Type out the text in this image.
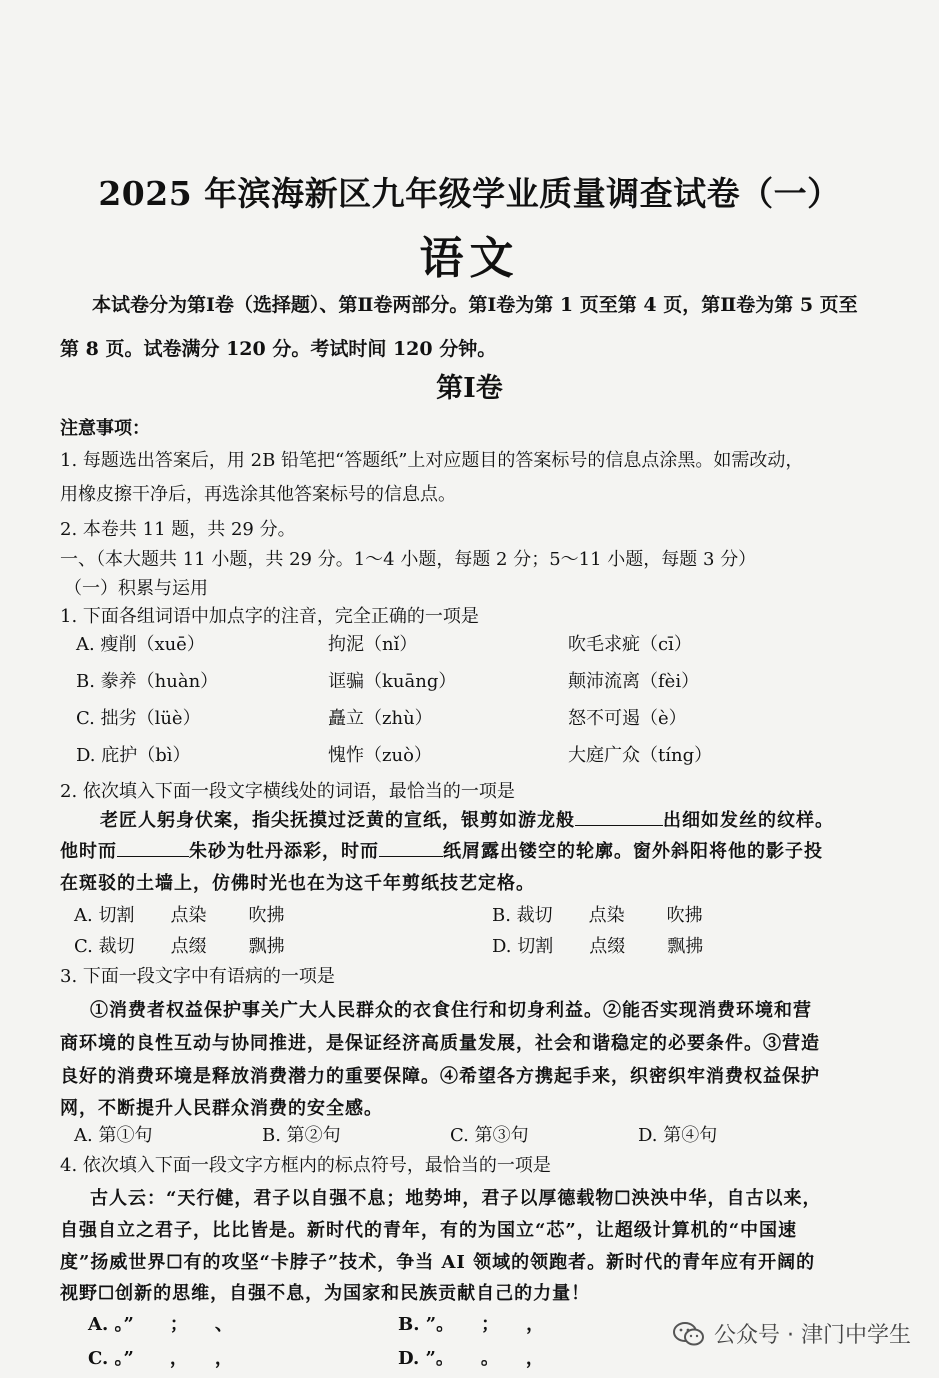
2025 年滨海新区九年级学业质量调查试卷（一）
语文
本试卷分为第Ⅰ卷（选择题）、第Ⅱ卷两部分。第Ⅰ卷为第 1 页至第 4 页，第Ⅱ卷为第 5 页至
第 8 页。试卷满分 120 分。考试时间 120 分钟。
第Ⅰ卷
注意事项：
1. 每题选出答案后，用 2B 铅笔把“答题纸”上对应题目的答案标号的信息点涂黑。如需改动，
用橡皮擦干净后，再选涂其他答案标号的信息点。
2. 本卷共 11 题，共 29 分。
一、（本大题共 11 小题，共 29 分。1～4 小题，每题 2 分；5～11 小题，每题 3 分）
（一）积累与运用
1. 下面各组词语中加点字的注音，完全正确的一项是
A. 瘦削（xuē）	拘泥（nǐ）	吹毛求疵（cī）
B. 豢养（huàn）	诓骗（kuāng）	颠沛流离（fèi）
C. 拙劣（lüè）	矗立（zhù）	怒不可遏（è）
D. 庇护（bì）	愧怍（zuò）	大庭广众（tíng）
2. 依次填入下面一段文字横线处的词语，最恰当的一项是
老匠人躬身伏案，指尖抚摸过泛黄的宣纸，银剪如游龙般	出细如发丝的纹样。
他时而	朱砂为牡丹添彩，时而	纸屑露出镂空的轮廓。窗外斜阳将他的影子投
在斑驳的土墙上，仿佛时光也在为这千年剪纸技艺定格。
A. 切割 点染 吹拂	B. 裁切 点染 吹拂
C. 裁切 点缀 飘拂	D. 切割 点缀 飘拂
3. 下面一段文字中有语病的一项是
①消费者权益保护事关广大人民群众的衣食住行和切身利益。②能否实现消费环境和营
商环境的良性互动与协同推进，是保证经济高质量发展，社会和谐稳定的必要条件。③营造
良好的消费环境是释放消费潜力的重要保障。④希望各方携起手来，织密织牢消费权益保护
网，不断提升人民群众消费的安全感。
A. 第①句	B. 第②句	C. 第③句	D. 第④句
4. 依次填入下面一段文字方框内的标点符号，最恰当的一项是
古人云：“天行健，君子以自强不息；地势坤，君子以厚德载物☐泱泱中华，自古以来，
自强自立之君子，比比皆是。新时代的青年，有的为国立“芯”，让超级计算机的“中国速
度”扬威世界☐有的攻坚“卡脖子”技术，争当 AI 领域的领跑者。新时代的青年应有开阔的
视野☐创新的思维，自强不息，为国家和民族贡献自己的力量！
A. 。”　　；　　、	B. ”。　　；　　，
C. 。”　　，　　，	D. ”。　　。　　，
公众号 · 津门中学生
